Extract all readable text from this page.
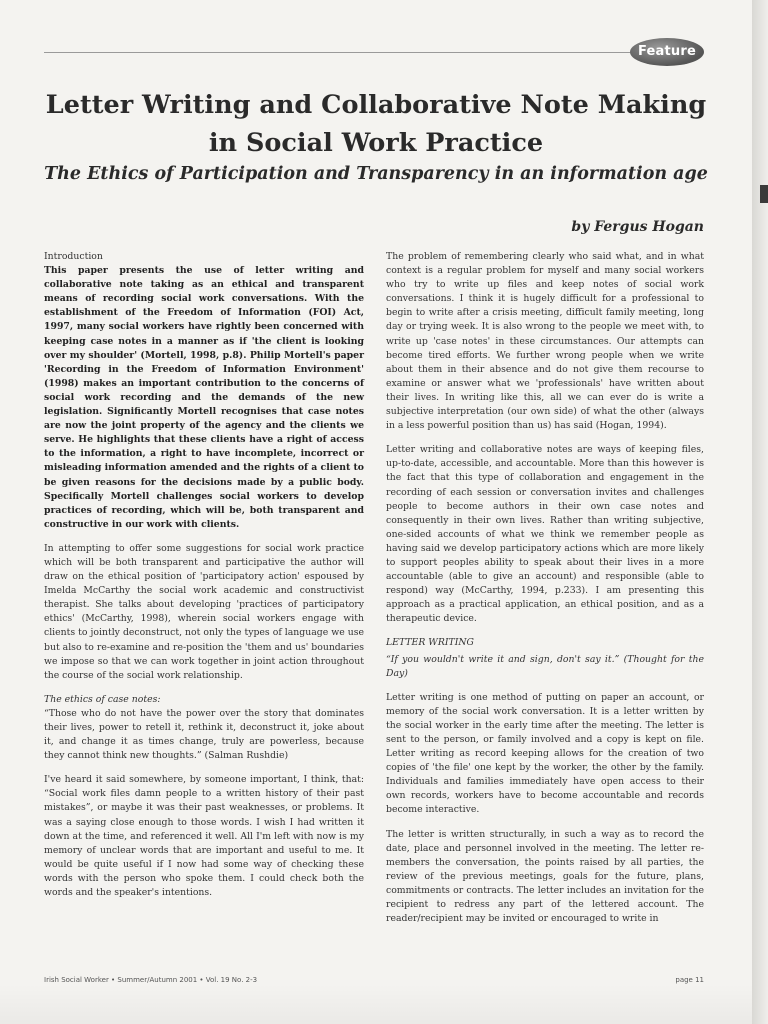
Feature
Letter Writing and Collaborative Note Making
in Social Work Practice
The Ethics of Participation and Transparency in an information age
by Fergus Hogan
Introduction

This paper presents the use of letter writing and collaborative note taking as an ethical and transparent means of recording social work conversations. With the establishment of the Freedom of Information (FOI) Act, 1997, many social workers have rightly been concerned with keeping case notes in a manner as if 'the client is looking over my shoulder' (Mortell, 1998, p.8). Philip Mortell's paper 'Recording in the Freedom of Information Environment' (1998) makes an important contribution to the concerns of social work recording and the demands of the new legislation. Significantly Mortell recognises that case notes are now the joint property of the agency and the clients we serve. He highlights that these clients have a right of access to the information, a right to have incomplete, incorrect or misleading information amended and the rights of a client to be given reasons for the decisions made by a public body. Specifically Mortell challenges social workers to develop practices of recording, which will be, both transparent and constructive in our work with clients.

In attempting to offer some suggestions for social work practice which will be both transparent and participative the author will draw on the ethical position of 'participatory action' espoused by Imelda McCarthy the social work academic and constructivist therapist. She talks about developing 'practices of participatory ethics' (McCarthy, 1998), wherein social workers engage with clients to jointly deconstruct, not only the types of language we use but also to re-examine and re-position the 'them and us' boundaries we impose so that we can work together in joint action throughout the course of the social work relationship.

The ethics of case notes:

“Those who do not have the power over the story that dominates their lives, power to retell it, rethink it, deconstruct it, joke about it, and change it as times change, truly are powerless, because they cannot think new thoughts.” (Salman Rushdie)

I've heard it said somewhere, by someone important, I think, that: “Social work files damn people to a written history of their past mistakes”, or maybe it was their past weaknesses, or problems. It was a saying close enough to those words. I wish I had written it down at the time, and referenced it well. All I'm left with now is my memory of unclear words that are important and useful to me. It would be quite useful if I now had some way of checking these words with the person who spoke them. I could check both the words and the speaker's intentions.

The problem of remembering clearly who said what, and in what context is a regular problem for myself and many social workers who try to write up files and keep notes of social work conversations. I think it is hugely difficult for a professional to begin to write after a crisis meeting, difficult family meeting, long day or trying week. It is also wrong to the people we meet with, to write up 'case notes' in these circumstances. Our attempts can become tired efforts. We further wrong people when we write about them in their absence and do not give them recourse to examine or answer what we 'professionals' have written about their lives. In writing like this, all we can ever do is write a subjective interpretation (our own side) of what the other (always in a less powerful position than us) has said (Hogan, 1994).

Letter writing and collaborative notes are ways of keeping files, up-to-date, accessible, and accountable. More than this however is the fact that this type of collaboration and engagement in the recording of each session or conversation invites and challenges people to become authors in their own case notes and consequently in their own lives. Rather than writing subjective, one-sided accounts of what we think we remember people as having said we develop participatory actions which are more likely to support peoples ability to speak about their lives in a more accountable (able to give an account) and responsible (able to respond) way (McCarthy, 1994, p.233). I am presenting this approach as a practical application, an ethical position, and as a therapeutic device.

LETTER WRITING

“If you wouldn't write it and sign, don't say it.” (Thought for the Day)

Letter writing is one method of putting on paper an account, or memory of the social work conversation. It is a letter written by the social worker in the early time after the meeting. The letter is sent to the person, or family involved and a copy is kept on file. Letter writing as record keeping allows for the creation of two copies of 'the file' one kept by the worker, the other by the family. Individuals and families immediately have open access to their own records, workers have to become accountable and records become interactive.

The letter is written structurally, in such a way as to record the date, place and personnel involved in the meeting. The letter re-members the conversation, the points raised by all parties, the review of the previous meetings, goals for the future, plans, commitments or contracts. The letter includes an invitation for the recipient to redress any part of the lettered account. The reader/recipient may be invited or encouraged to write in

Irish Social Worker • Summer/Autumn 2001 • Vol. 19 No. 2-3	page 11
